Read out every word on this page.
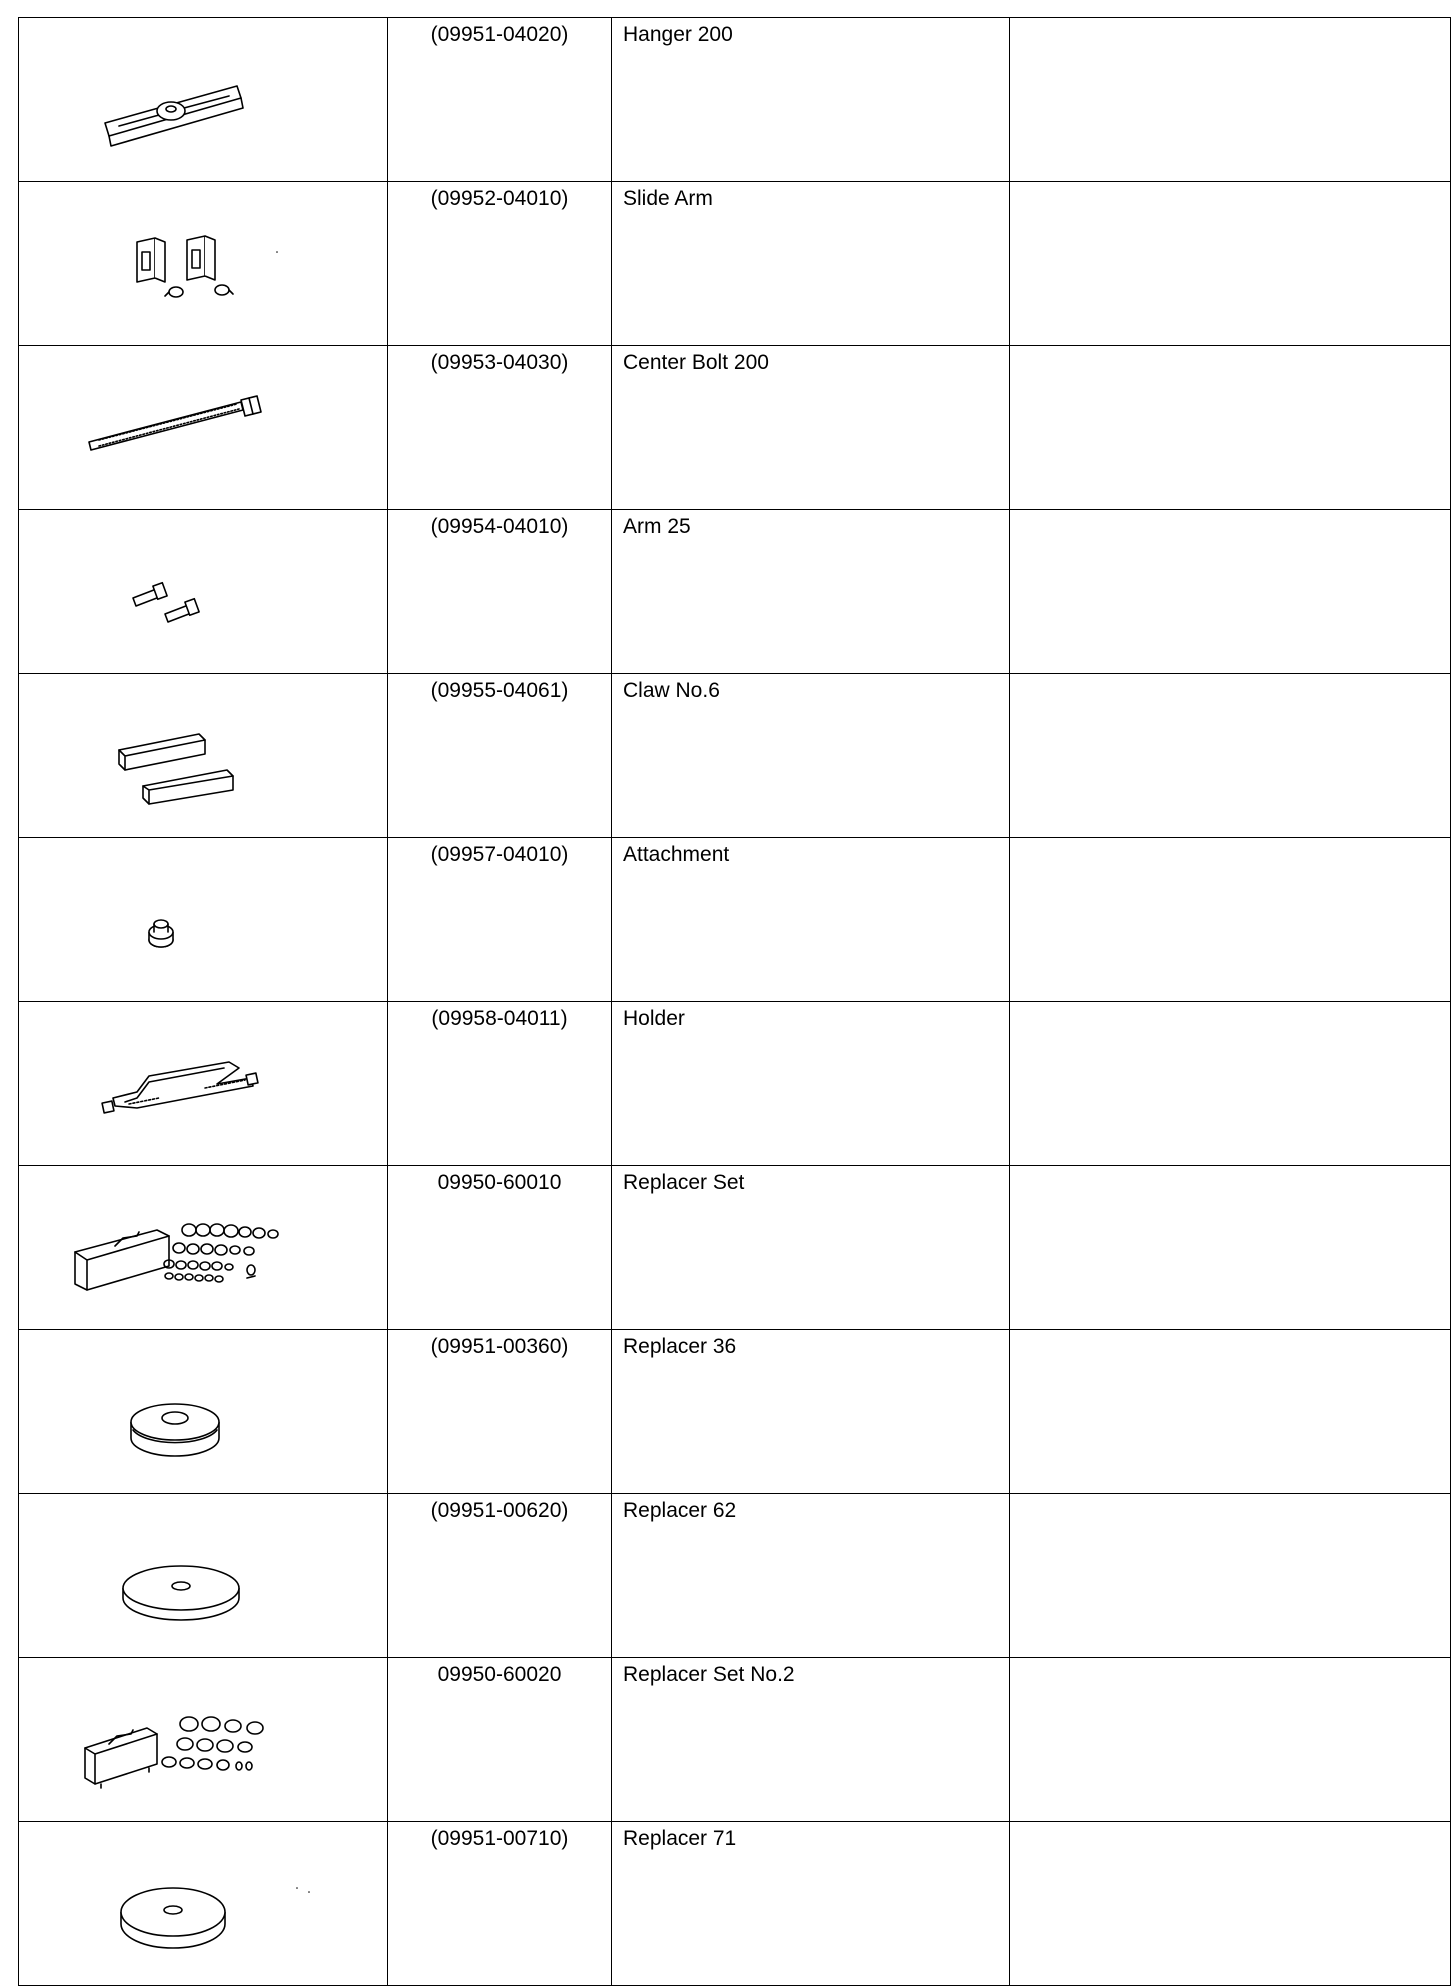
	(09951-04020)	Hanger 200	

	(09952-04010)	Slide Arm	

	(09953-04030)	Center Bolt 200	

	(09954-04010)	Arm 25	

	(09955-04061)	Claw No.6	

	(09957-04010)	Attachment	

	(09958-04011)	Holder	

	09950-60010	Replacer Set	

	(09951-00360)	Replacer 36	

	(09951-00620)	Replacer 62	

	09950-60020	Replacer Set No.2	

	(09951-00710)	Replacer 71	
